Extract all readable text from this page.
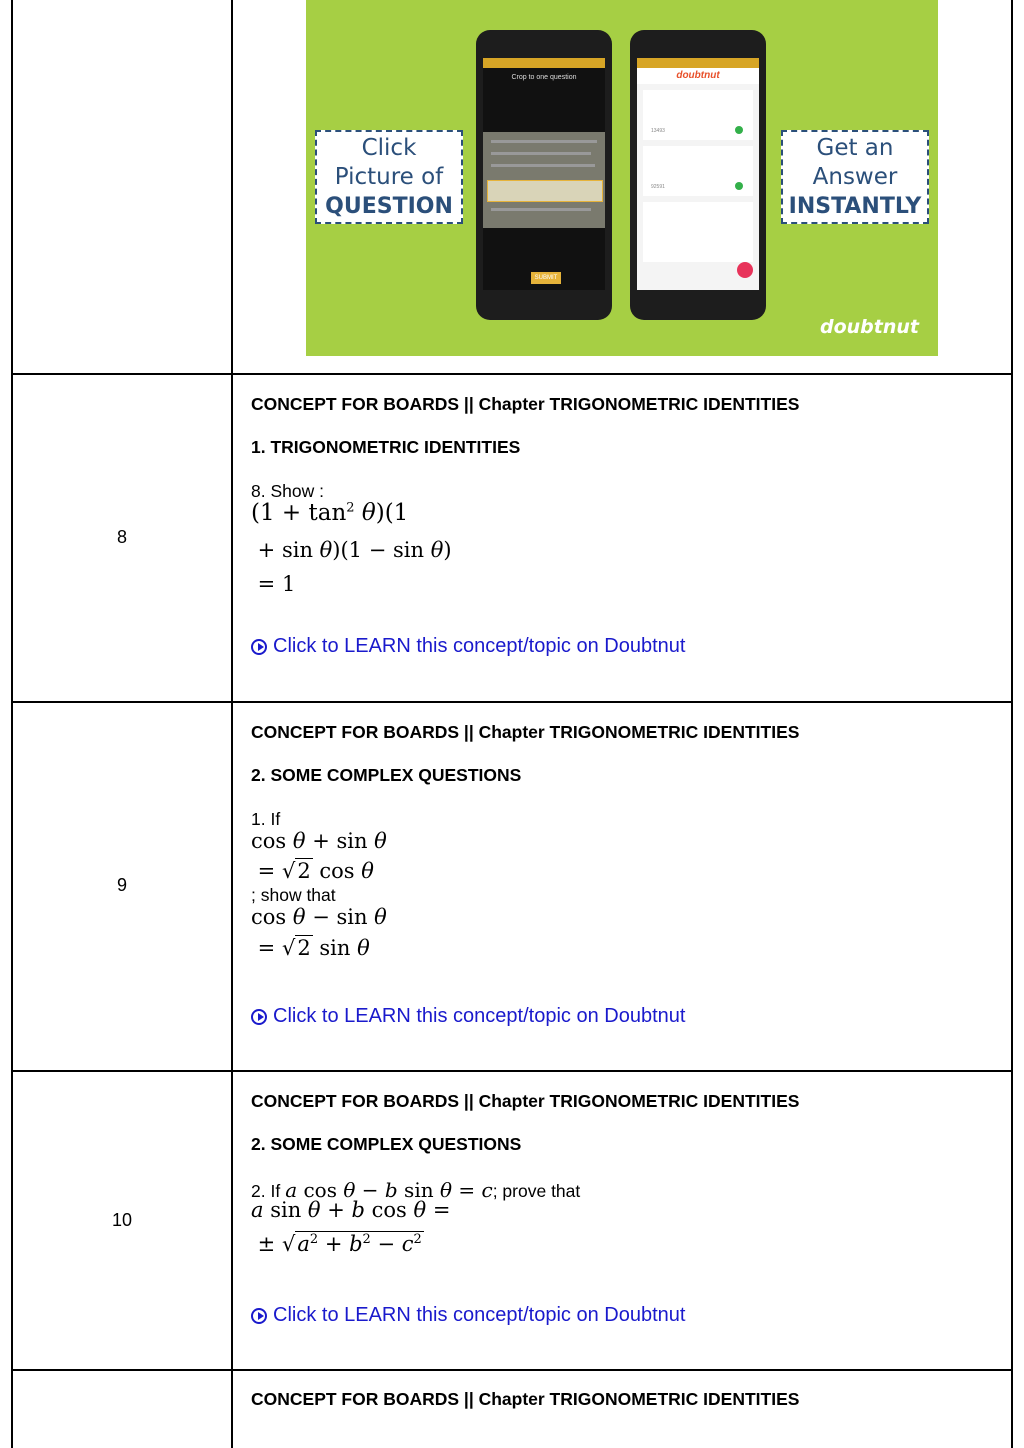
Click
Picture of
QUESTION
Crop to one question
SUBMIT
doubtnut
13493
92591
Get an
Answer
INSTANTLY
doubtnut
8
CONCEPT FOR BOARDS || Chapter TRIGONOMETRIC IDENTITIES
1. TRIGONOMETRIC IDENTITIES
8. Show :
$(1 + \tan^2 \theta)(1$
+ sin θ)(1 − sin θ)
= 1
Click to LEARN this concept/topic on Doubtnut
9
CONCEPT FOR BOARDS || Chapter TRIGONOMETRIC IDENTITIES
2. SOME COMPLEX QUESTIONS
1. If
cos θ + sin θ
= √2 cos θ
; show that
cos θ − sin θ
= √2 sin θ
Click to LEARN this concept/topic on Doubtnut
10
CONCEPT FOR BOARDS || Chapter TRIGONOMETRIC IDENTITIES
2. SOME COMPLEX QUESTIONS
2. If a cos θ − b sin θ = c ; prove that
a sin θ + b cos θ =
± $√a^2 + b^2 - c^2$
Click to LEARN this concept/topic on Doubtnut
CONCEPT FOR BOARDS || Chapter TRIGONOMETRIC IDENTITIES
